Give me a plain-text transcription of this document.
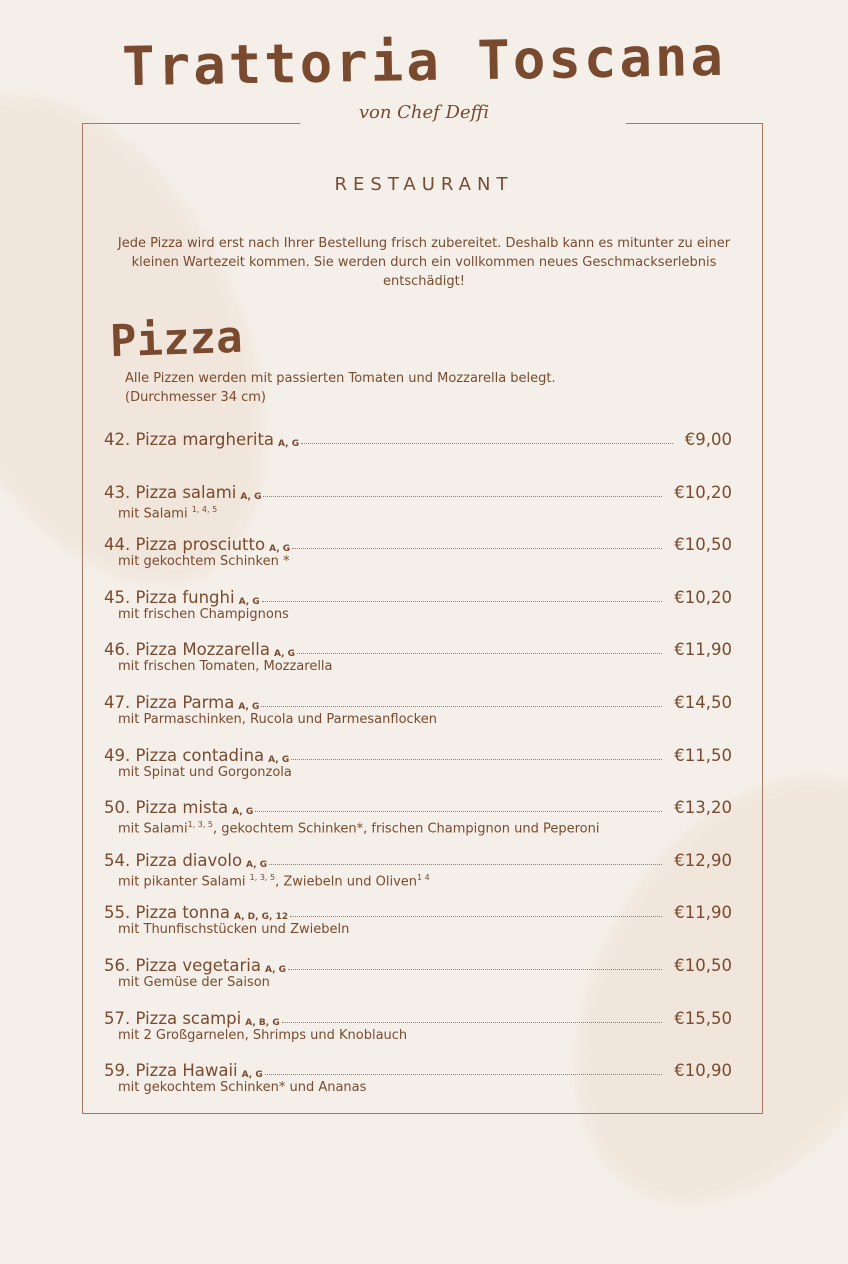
Trattoria Toscana
von Chef Deffi
RESTAURANT
Jede Pizza wird erst nach Ihrer Bestellung frisch zubereitet. Deshalb kann es mitunter zu einer kleinen Wartezeit kommen. Sie werden durch ein vollkommen neues Geschmackserlebnis entschädigt!
Pizza
Alle Pizzen werden mit passierten Tomaten und Mozzarella belegt. (Durchmesser 34 cm)
42. Pizza margherita A, G	€9,00
43. Pizza salami A, G	€10,20
mit Salami $^{1, 4, 5}$
44. Pizza prosciutto A, G	€10,50
mit gekochtem Schinken *
45. Pizza funghi A, G	€10,20
mit frischen Champignons
46. Pizza Mozzarella A, G	€11,90
mit frischen Tomaten, Mozzarella
47. Pizza Parma A, G	€14,50
mit Parmaschinken, Rucola und Parmesanflocken
49. Pizza contadina A, G	€11,50
mit Spinat und Gorgonzola
50. Pizza mista A, G	€13,20
mit Salami$^{1, 3, 5}$, gekochtem Schinken*, frischen Champignon und Peperoni
54. Pizza diavolo A, G	€12,90
mit pikanter Salami $^{1, 3, 5}$, Zwiebeln und Oliven$^{1 4}$
55. Pizza tonna A, D, G, 12	€11,90
mit Thunfischstücken und Zwiebeln
56. Pizza vegetaria A, G	€10,50
mit Gemüse der Saison
57. Pizza scampi A, B, G	€15,50
mit 2 Großgarnelen, Shrimps und Knoblauch
59. Pizza Hawaii A, G	€10,90
mit gekochtem Schinken* und Ananas
